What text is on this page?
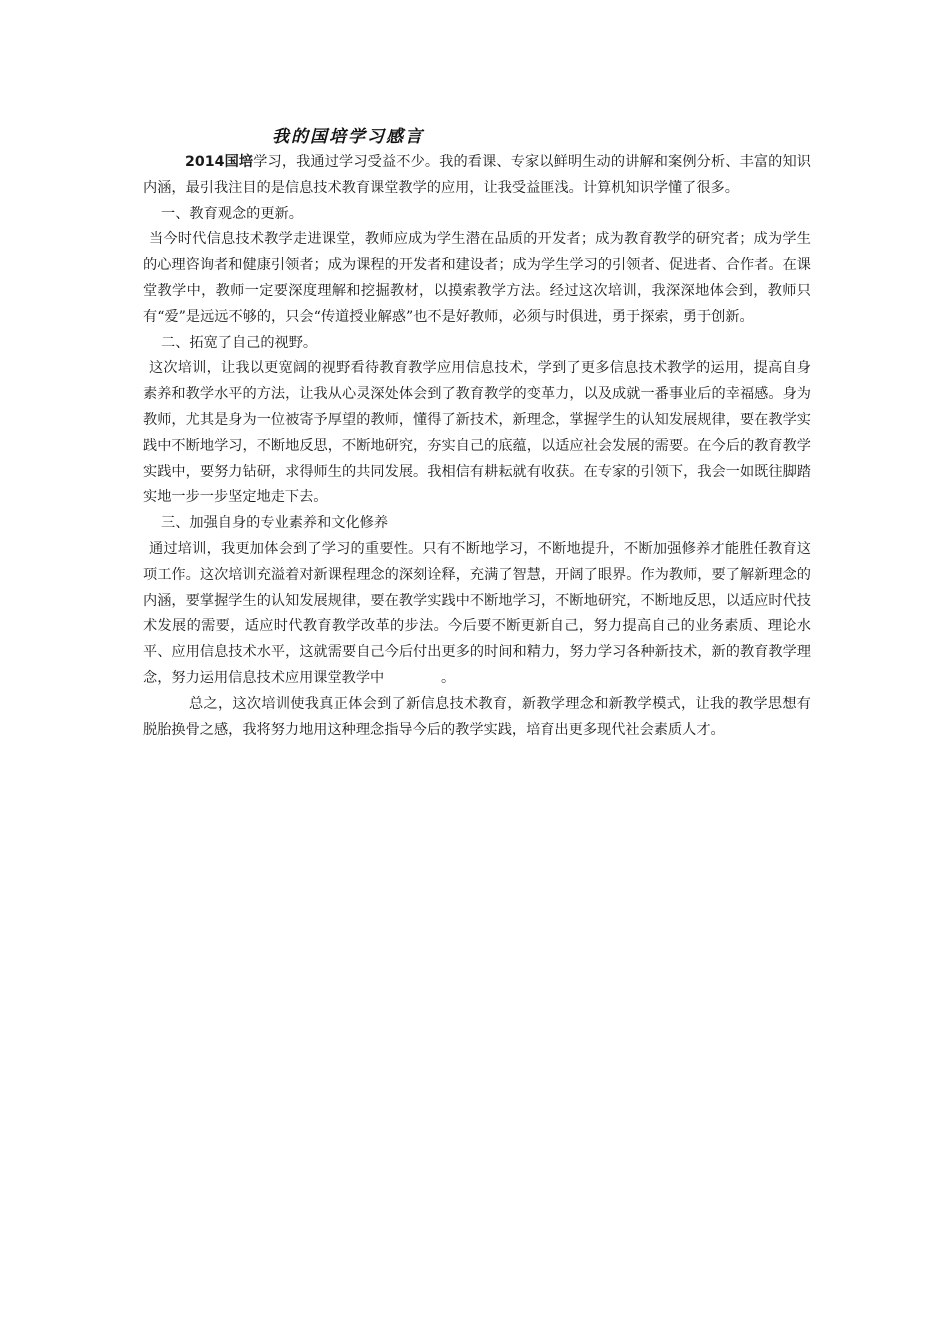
我的国培学习感言

2014国培学习，我通过学习受益不少。我的看课、专家以鲜明生动的讲解和案例分析、丰富的知识内涵，最引我注目的是信息技术教育课堂教学的应用，让我受益匪浅。计算机知识学懂了很多。

一、教育观念的更新。

当今时代信息技术教学走进课堂，教师应成为学生潜在品质的开发者；成为教育教学的研究者；成为学生的心理咨询者和健康引领者；成为课程的开发者和建设者；成为学生学习的引领者、促进者、合作者。在课堂教学中，教师一定要深度理解和挖掘教材，以摸索教学方法。经过这次培训，我深深地体会到，教师只有“爱”是远远不够的，只会“传道授业解惑”也不是好教师，必须与时俱进，勇于探索，勇于创新。

二、拓宽了自己的视野。

这次培训，让我以更宽阔的视野看待教育教学应用信息技术，学到了更多信息技术教学的运用，提高自身素养和教学水平的方法，让我从心灵深处体会到了教育教学的变革力，以及成就一番事业后的幸福感。身为教师，尤其是身为一位被寄予厚望的教师，懂得了新技术，新理念，掌握学生的认知发展规律，要在教学实践中不断地学习，不断地反思，不断地研究，夯实自己的底蕴，以适应社会发展的需要。在今后的教育教学实践中，要努力钻研，求得师生的共同发展。我相信有耕耘就有收获。在专家的引领下，我会一如既往脚踏实地一步一步坚定地走下去。

三、加强自身的专业素养和文化修养

通过培训，我更加体会到了学习的重要性。只有不断地学习，不断地提升，不断加强修养才能胜任教育这项工作。这次培训充溢着对新课程理念的深刻诠释，充满了智慧，开阔了眼界。作为教师，要了解新理念的内涵，要掌握学生的认知发展规律，要在教学实践中不断地学习，不断地研究，不断地反思，以适应时代技术发展的需要，适应时代教育教学改革的步法。今后要不断更新自己，努力提高自己的业务素质、理论水平、应用信息技术水平，这就需要自己今后付出更多的时间和精力，努力学习各种新技术，新的教育教学理念，努力运用信息技术应用课堂教学中　　　　。

总之，这次培训使我真正体会到了新信息技术教育，新教学理念和新教学模式，让我的教学思想有脱胎换骨之感，我将努力地用这种理念指导今后的教学实践，培育出更多现代社会素质人才。
